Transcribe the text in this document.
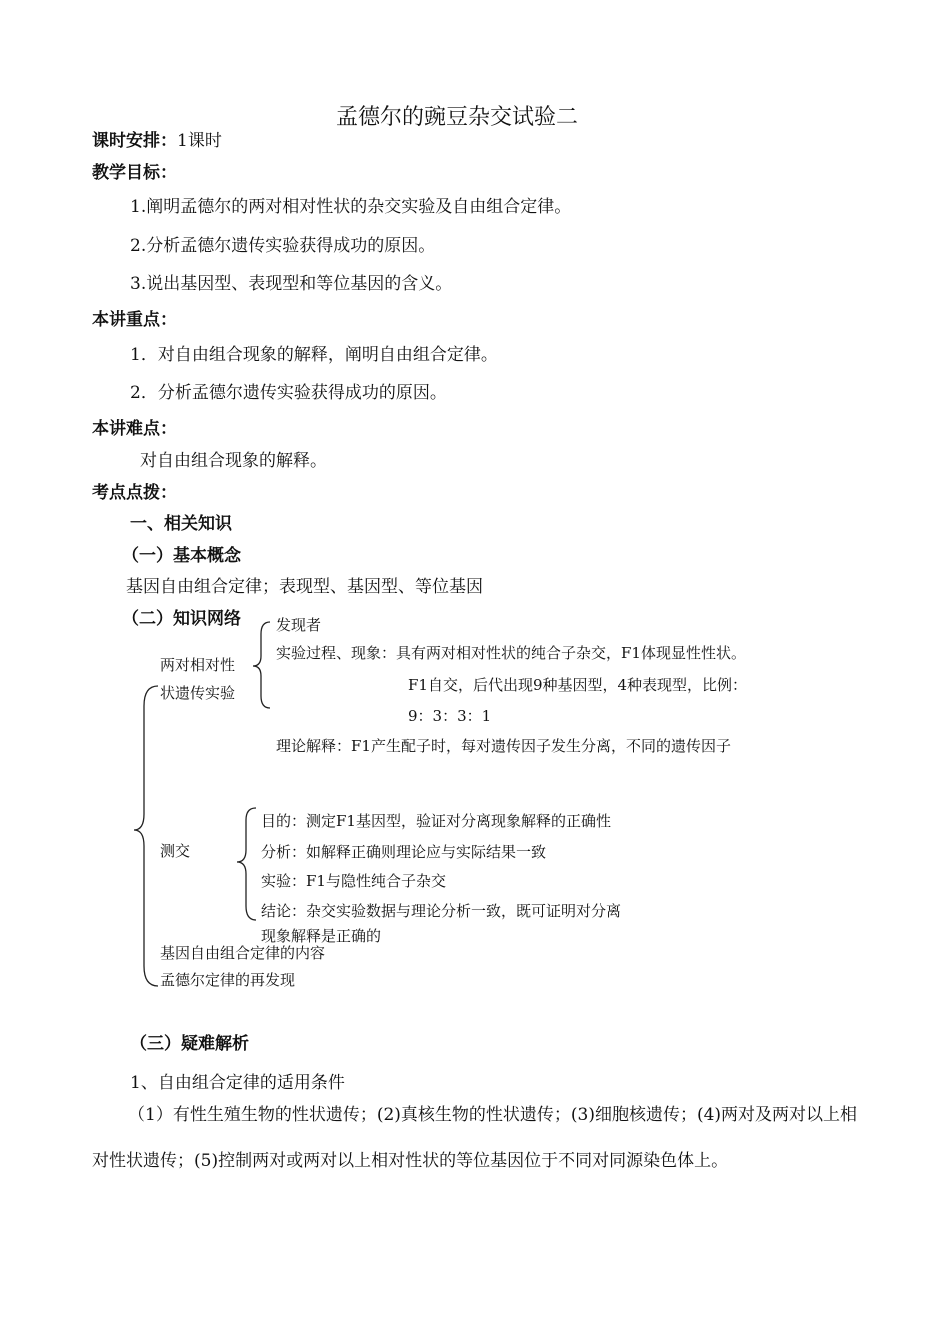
孟德尔的豌豆杂交试验二
课时安排：1课时
教学目标：
1.阐明孟德尔的两对相对性状的杂交实验及自由组合定律。
2.分析孟德尔遗传实验获得成功的原因。
3.说出基因型、表现型和等位基因的含义。
本讲重点：
1．对自由组合现象的解释，阐明自由组合定律。
2．分析孟德尔遗传实验获得成功的原因。
本讲难点：
对自由组合现象的解释。
考点点拨：
一、相关知识
（一）基本概念
基因自由组合定律；表现型、基因型、等位基因
（二）知识网络
两对相对性
状遗传实验
发现者
实验过程、现象：具有两对相对性状的纯合子杂交，F1体现显性性状。
F1自交，后代出现9种基因型，4种表现型，比例：
9：3：3：1
理论解释：F1产生配子时，每对遗传因子发生分离，不同的遗传因子
测交
目的：测定F1基因型，验证对分离现象解释的正确性
分析：如解释正确则理论应与实际结果一致
实验：F1与隐性纯合子杂交
结论：杂交实验数据与理论分析一致，既可证明对分离
现象解释是正确的
基因自由组合定律的内容
孟德尔定律的再发现
（三）疑难解析
1、自由组合定律的适用条件
（1）有性生殖生物的性状遗传；(2)真核生物的性状遗传；(3)细胞核遗传；(4)两对及两对以上相对性状遗传；(5)控制两对或两对以上相对性状的等位基因位于不同对同源染色体上。
